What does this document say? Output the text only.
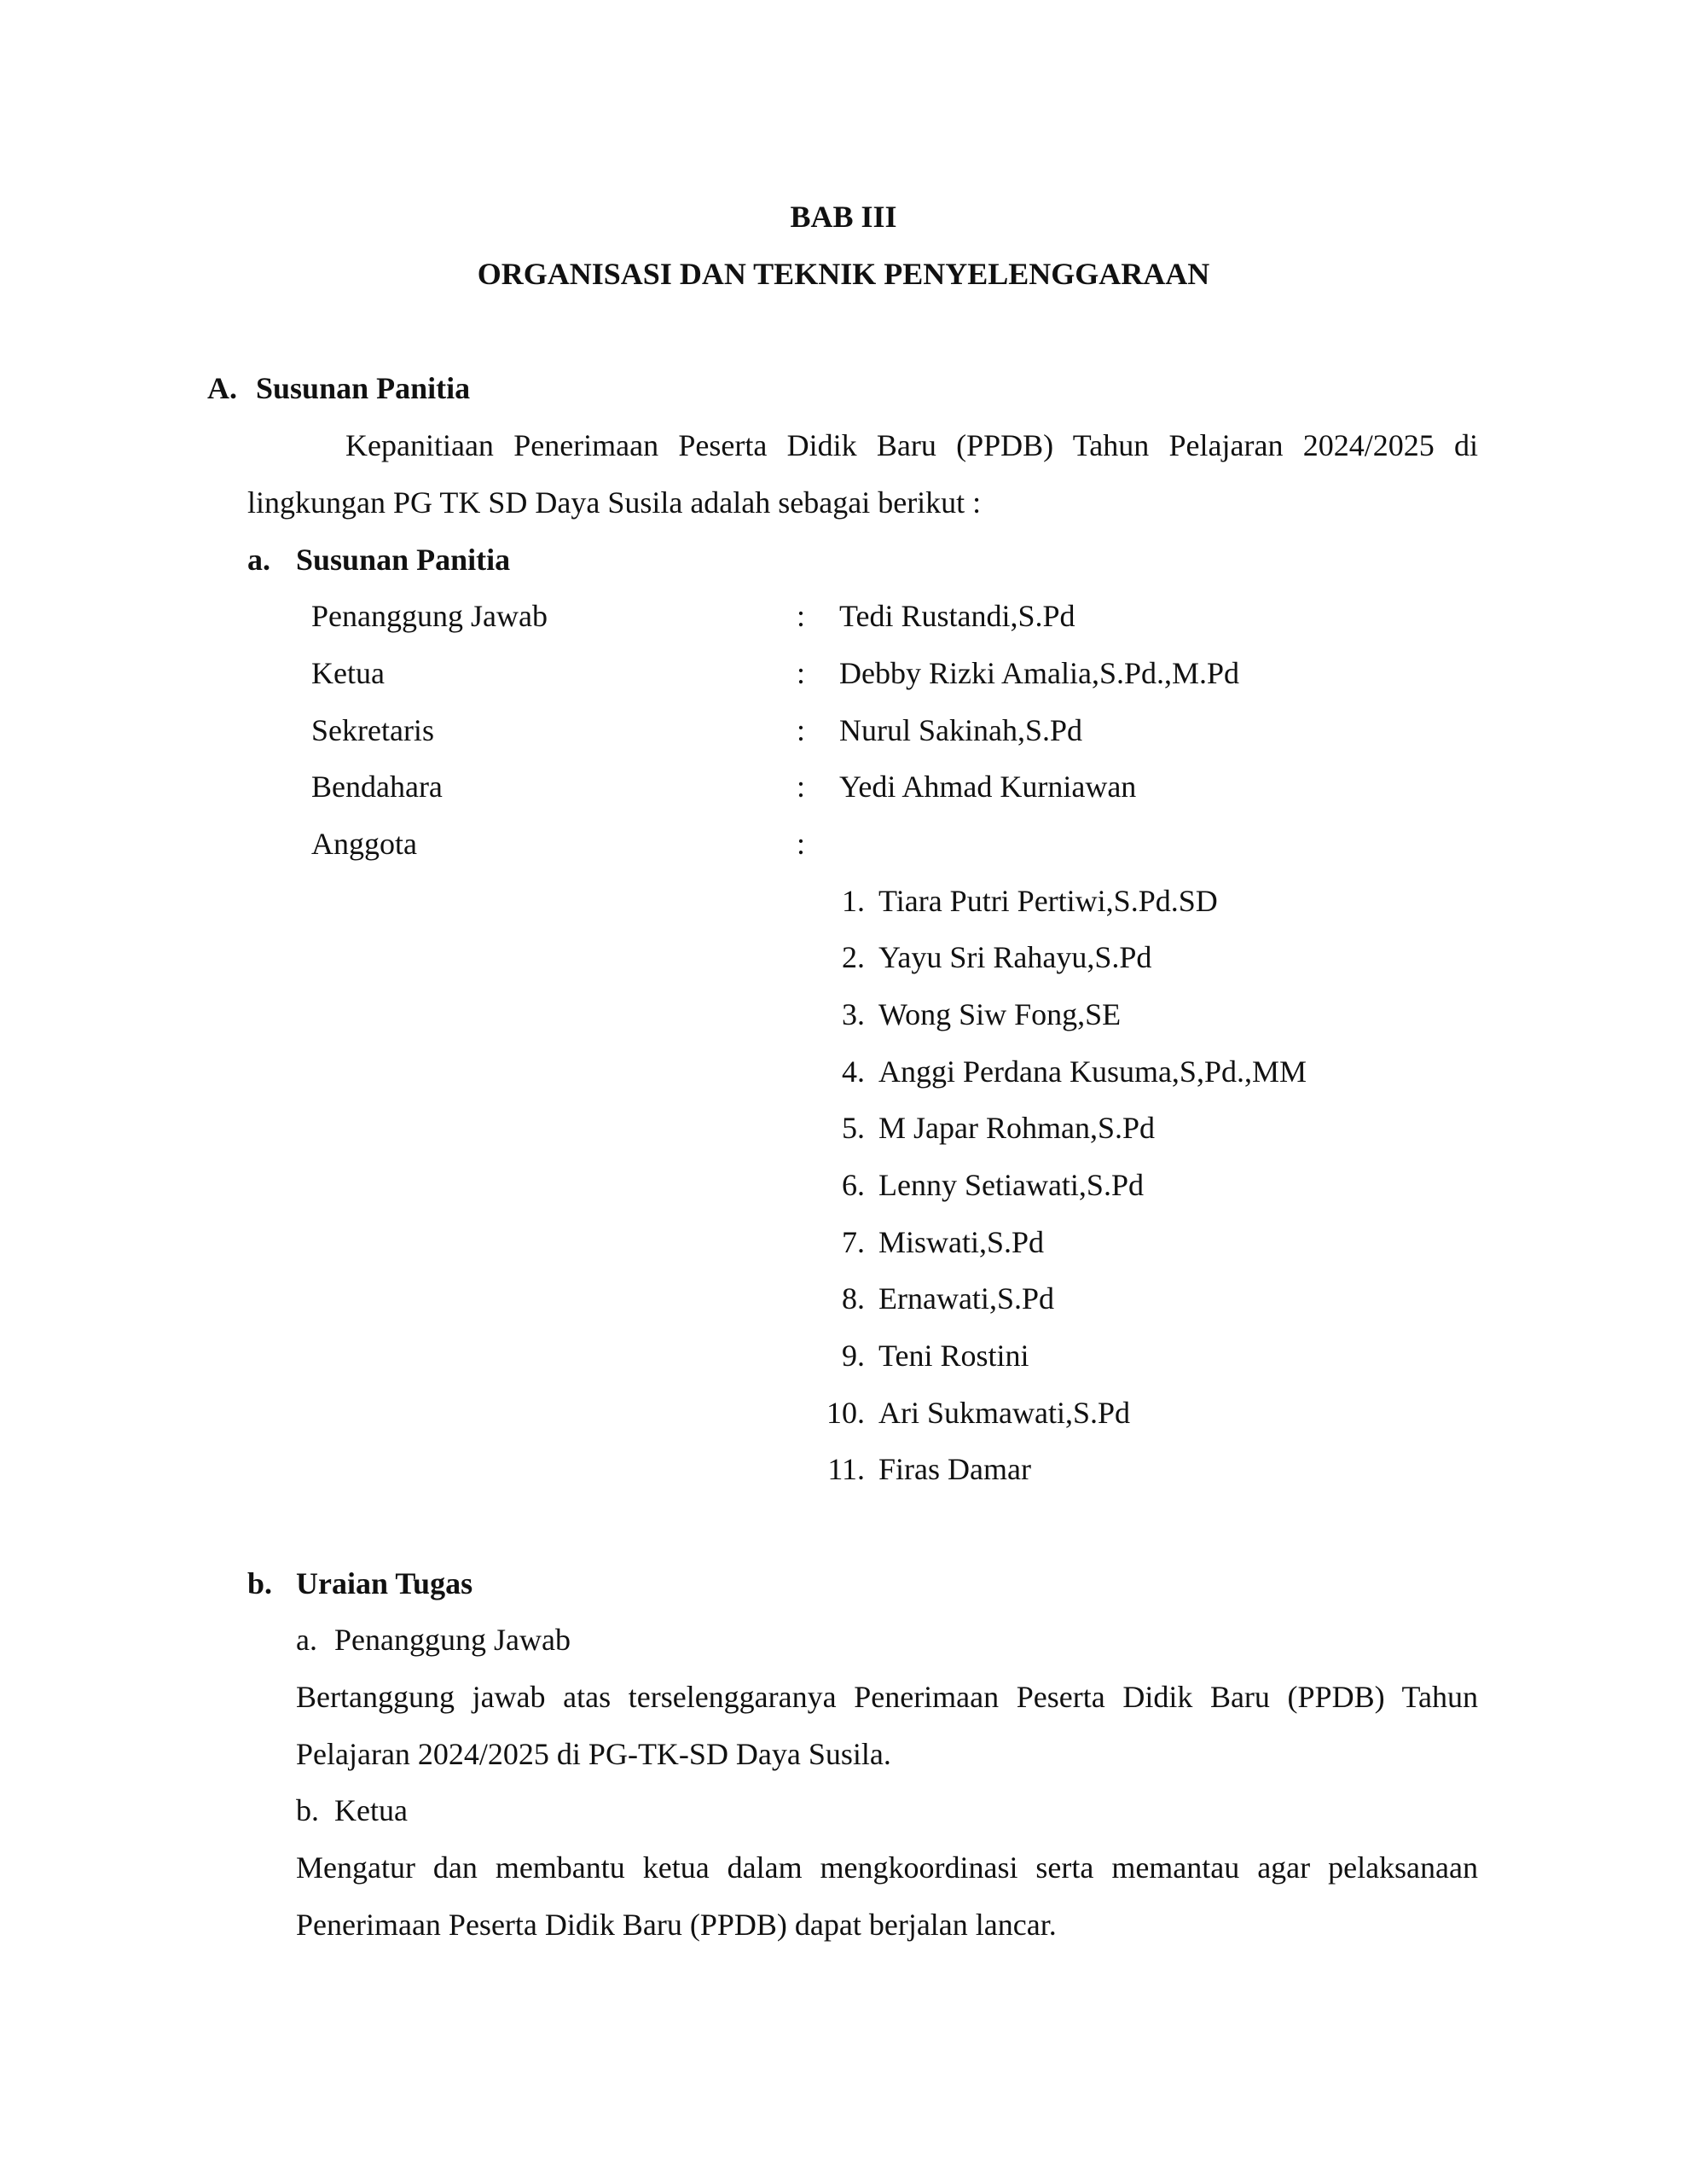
BAB III
ORGANISASI DAN TEKNIK PENYELENGGARAAN
A. Susunan Panitia
Kepanitiaan Penerimaan Peserta Didik Baru (PPDB) Tahun Pelajaran 2024/2025 di
lingkungan PG TK SD Daya Susila adalah sebagai berikut :
a. Susunan Panitia
Penanggung Jawab	: Tedi Rustandi,S.Pd
Ketua	: Debby Rizki Amalia,S.Pd.,M.Pd
Sekretaris	: Nurul Sakinah,S.Pd
Bendahara	: Yedi Ahmad Kurniawan
Anggota	:
1. Tiara Putri Pertiwi,S.Pd.SD
2. Yayu Sri Rahayu,S.Pd
3. Wong Siw Fong,SE
4. Anggi Perdana Kusuma,S,Pd.,MM
5. M Japar Rohman,S.Pd
6. Lenny Setiawati,S.Pd
7. Miswati,S.Pd
8. Ernawati,S.Pd
9. Teni Rostini
10. Ari Sukmawati,S.Pd
11. Firas Damar
b. Uraian Tugas
a. Penanggung Jawab
Bertanggung jawab atas terselenggaranya Penerimaan Peserta Didik Baru (PPDB) Tahun
Pelajaran 2024/2025 di PG-TK-SD Daya Susila.
b. Ketua
Mengatur dan membantu ketua dalam mengkoordinasi serta memantau agar pelaksanaan
Penerimaan Peserta Didik Baru (PPDB) dapat berjalan lancar.
